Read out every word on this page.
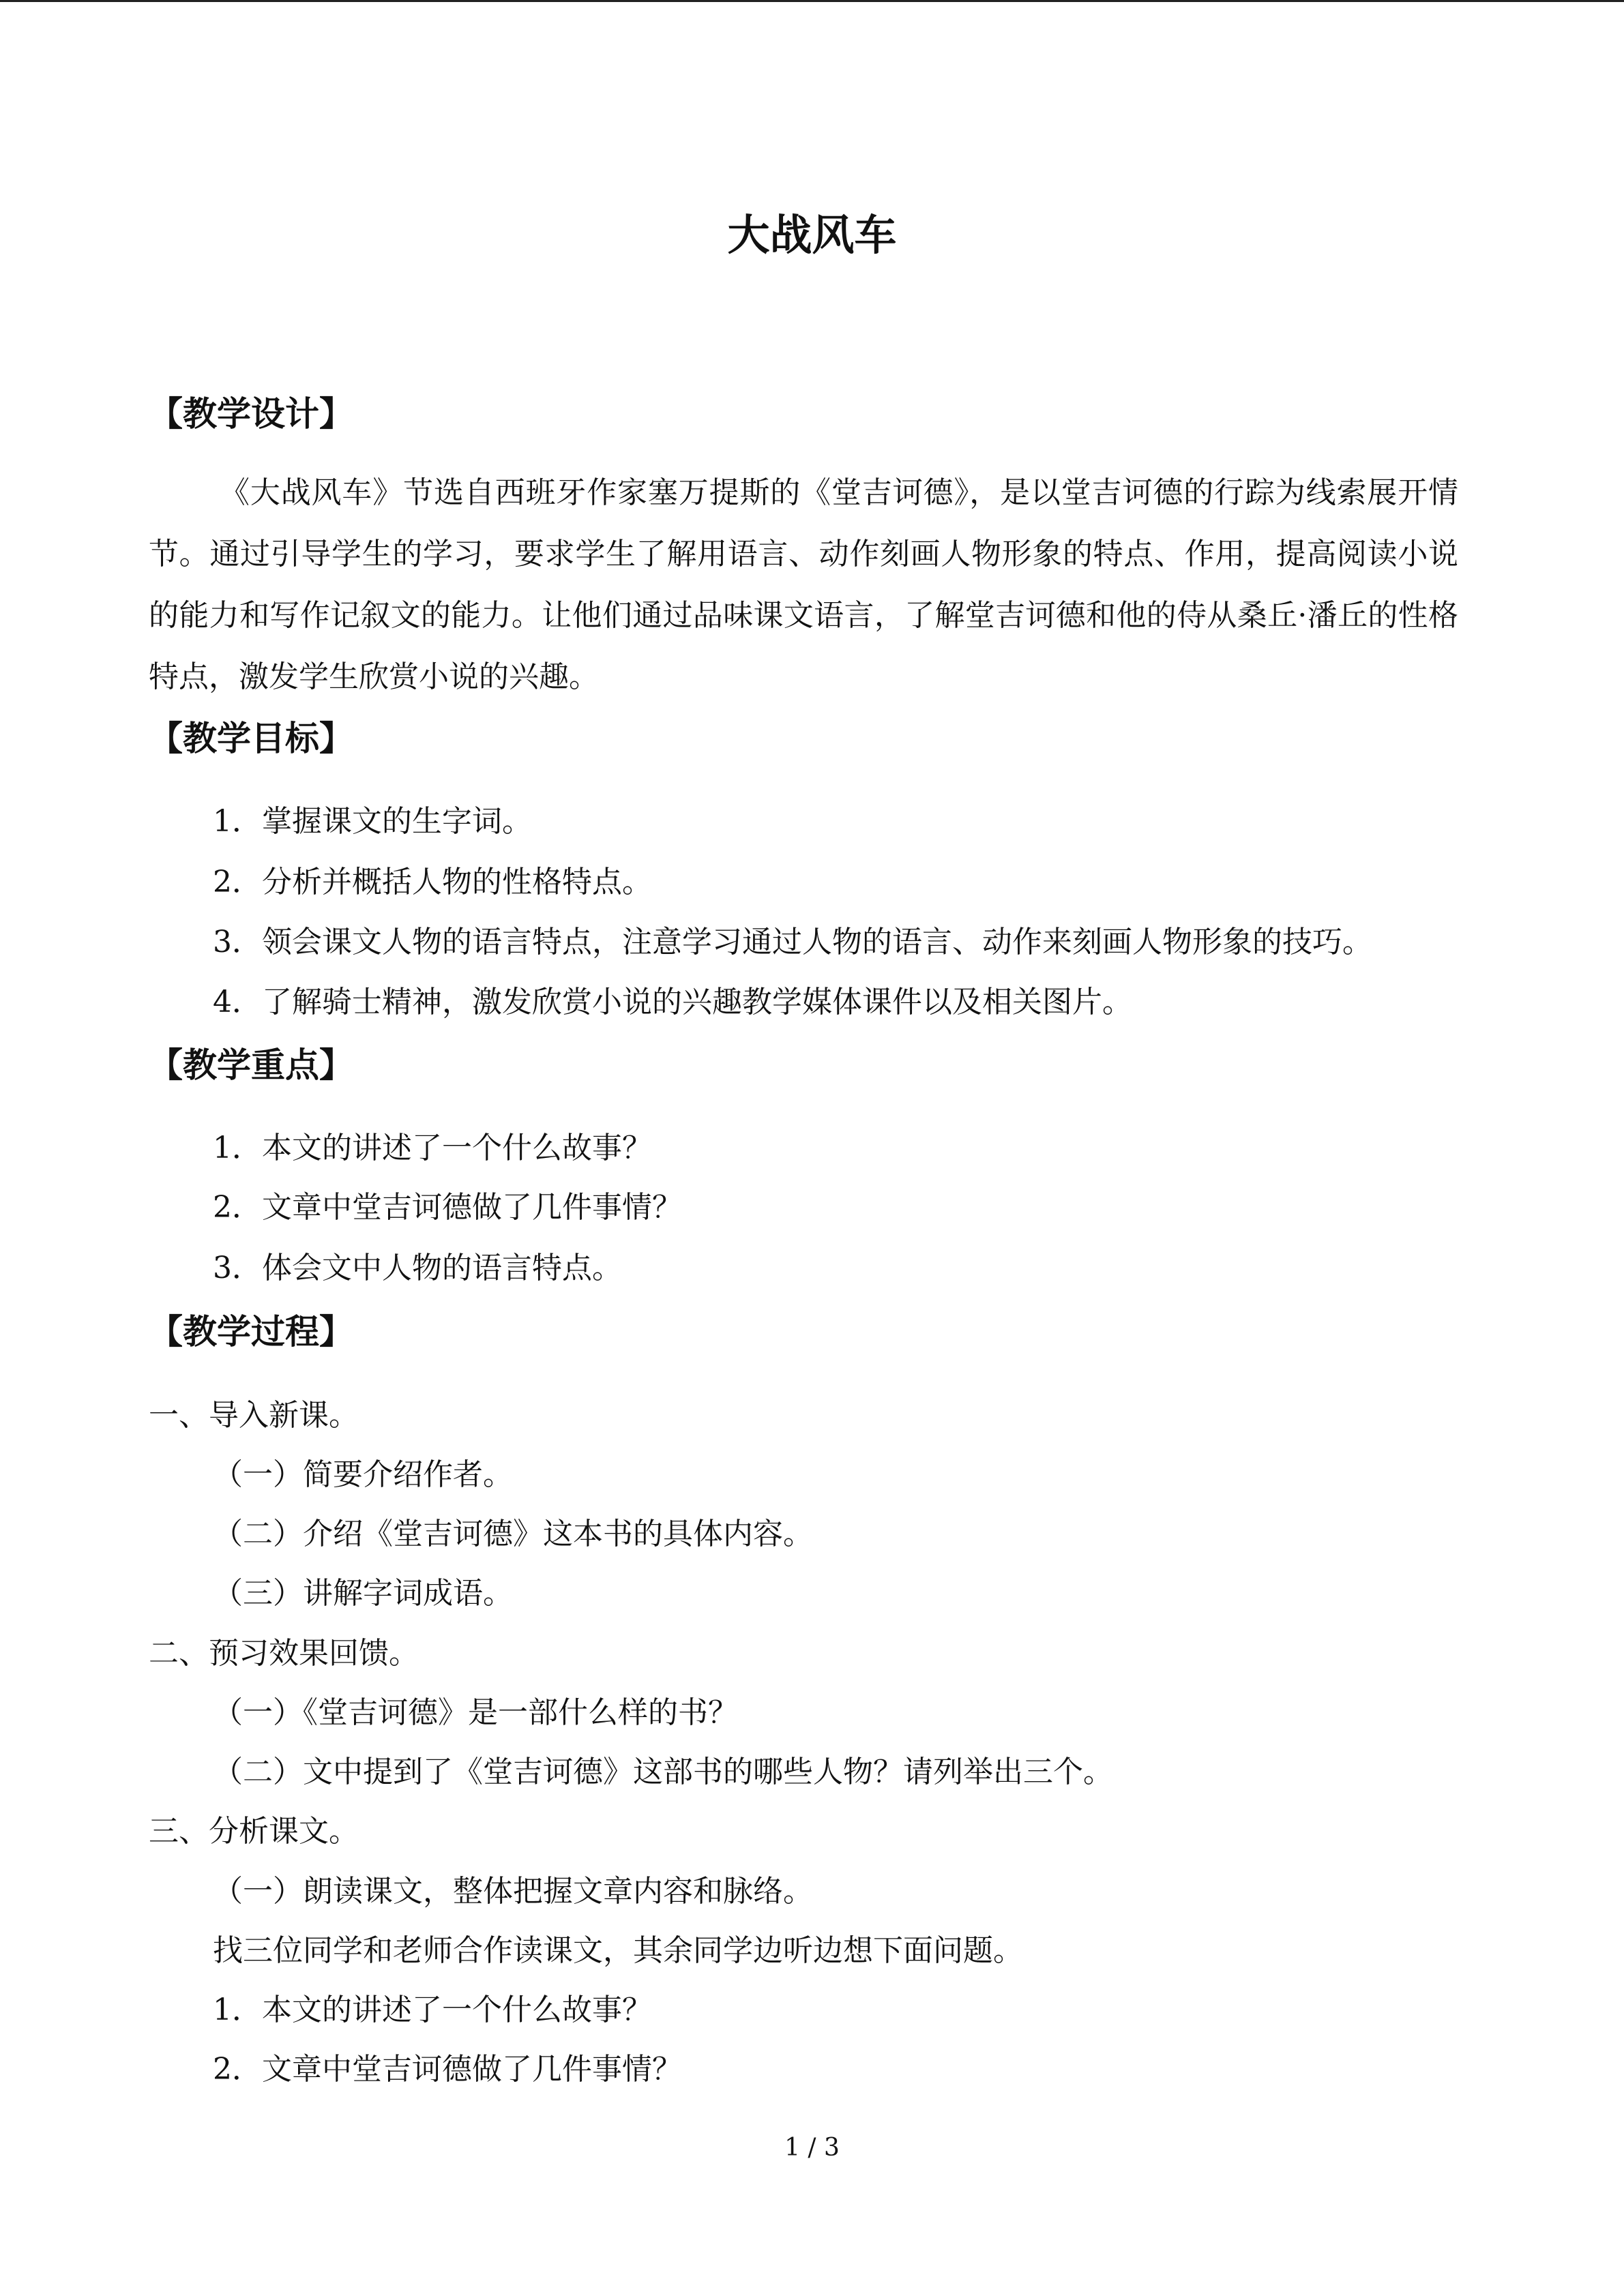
大战风车
【教学设计】

《大战风车》节选自西班牙作家塞万提斯的《堂吉诃德》，是以堂吉诃德的行踪为线索展开情节。通过引导学生的学习，要求学生了解用语言、动作刻画人物形象的特点、作用，提高阅读小说的能力和写作记叙文的能力。让他们通过品味课文语言，了解堂吉诃德和他的侍从桑丘·潘丘的性格特点，激发学生欣赏小说的兴趣。

【教学目标】

1．掌握课文的生字词。

2．分析并概括人物的性格特点。

3．领会课文人物的语言特点，注意学习通过人物的语言、动作来刻画人物形象的技巧。

4．了解骑士精神，激发欣赏小说的兴趣教学媒体课件以及相关图片。

【教学重点】

1．本文的讲述了一个什么故事？

2．文章中堂吉诃德做了几件事情？

3．体会文中人物的语言特点。

【教学过程】

一、导入新课。

（一）简要介绍作者。

（二）介绍《堂吉诃德》这本书的具体内容。

（三）讲解字词成语。

二、预习效果回馈。

（一）《堂吉诃德》是一部什么样的书？

（二）文中提到了《堂吉诃德》这部书的哪些人物？请列举出三个。

三、分析课文。

（一）朗读课文，整体把握文章内容和脉络。

找三位同学和老师合作读课文，其余同学边听边想下面问题。

1．本文的讲述了一个什么故事？

2．文章中堂吉诃德做了几件事情？

1 / 3
